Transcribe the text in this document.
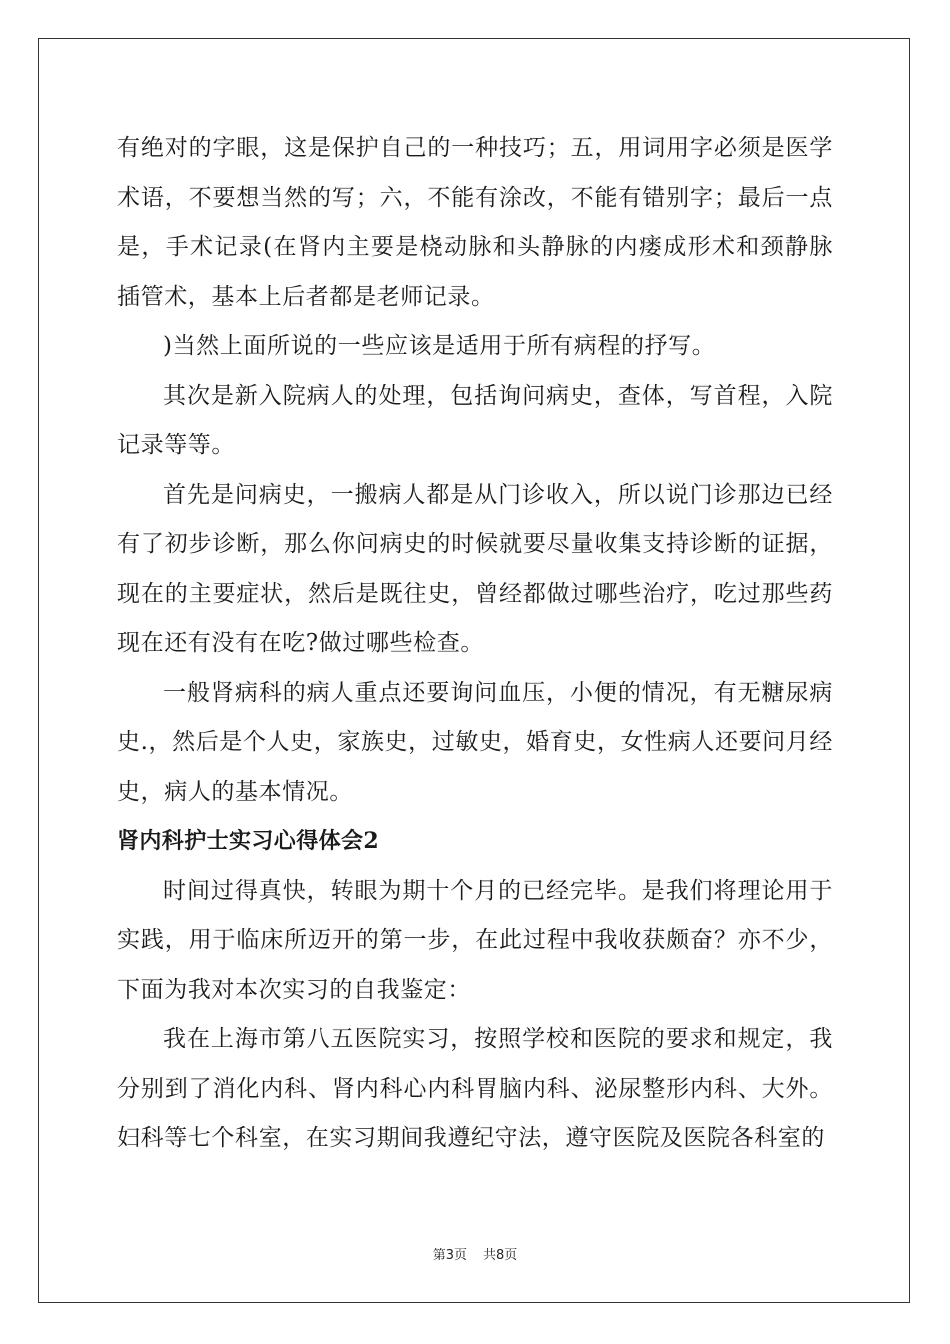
有绝对的字眼，这是保护自己的一种技巧；五，用词用字必须是医学术语，不要想当然的写；六，不能有涂改，不能有错别字；最后一点是，手术记录(在肾内主要是桡动脉和头静脉的内瘘成形术和颈静脉插管术，基本上后者都是老师记录。

)当然上面所说的一些应该是适用于所有病程的抒写。

其次是新入院病人的处理，包括询问病史，查体，写首程，入院记录等等。

首先是问病史，一搬病人都是从门诊收入，所以说门诊那边已经有了初步诊断，那么你问病史的时候就要尽量收集支持诊断的证据，现在的主要症状，然后是既往史，曾经都做过哪些治疗，吃过那些药现在还有没有在吃?做过哪些检查。

一般肾病科的病人重点还要询问血压，小便的情况，有无糖尿病史.，然后是个人史，家族史，过敏史，婚育史，女性病人还要问月经史，病人的基本情况。

肾内科护士实习心得体会2

时间过得真快，转眼为期十个月的已经完毕。是我们将理论用于实践，用于临床所迈开的第一步，在此过程中我收获颇奋？亦不少，下面为我对本次实习的自我鉴定：

我在上海市第八五医院实习，按照学校和医院的要求和规定，我分别到了消化内科、肾内科心内科胃脑内科、泌尿整形内科、大外。妇科等七个科室，在实习期间我遵纪守法，遵守医院及医院各科室的

第3页 共8页
